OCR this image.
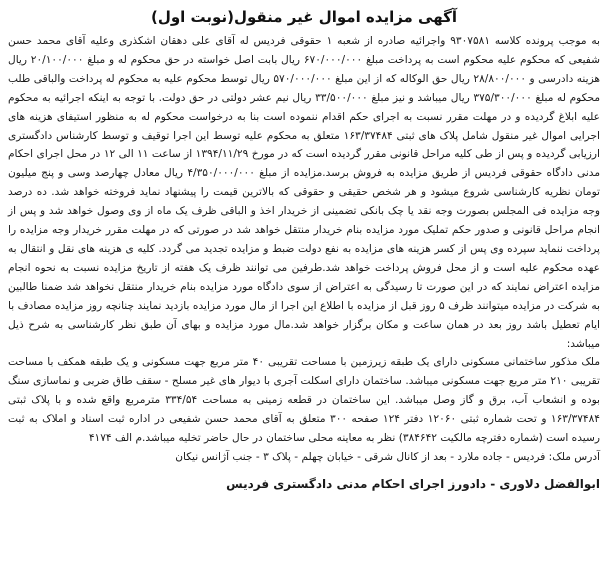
آگهی مزایده اموال غیر منقول(نوبت اول)

به موجب پرونده کلاسه ۹۳۰۷۵۸۱ واجرائیه صادره از شعبه ۱ حقوقی فردیس له آقای علی دهقان اشکذری وعلیه آقای محمد حسن شفیعی که محکوم علیه محکوم است به پرداخت مبلغ ۶۷۰/۰۰۰/۰۰۰ ریال بابت اصل خواسته در حق محکوم له و مبلغ ۲۰/۱۰۰/۰۰۰ ریال هزینه دادرسی و ۲۸/۸۰۰/۰۰۰ ریال حق الوکاله که از این مبلغ ۵۷۰/۰۰۰/۰۰۰ ریال توسط محکوم علیه به محکوم له پرداخت والباقی طلب محکوم له مبلغ ۳۷۵/۳۰۰/۰۰۰ ریال میباشد و نیز مبلغ ۳۳/۵۰۰/۰۰۰ ریال نیم عشر دولتی در حق دولت. با توجه به اینکه اجرائیه به محکوم علیه ابلاغ گردیده و در مهلت مقرر نسبت به اجرای حکم اقدام ننموده است بنا به درخواست محکوم له به منظور استیفای هزینه های اجرایی اموال غیر منقول شامل پلاک های ثبتی ۱۶۳/۳۷۴۸۴ متعلق به محکوم علیه توسط این اجرا توقیف و توسط کارشناس دادگستری ارزیابی گردیده و پس از طی کلیه مراحل قانونی مقرر گردیده است که در مورخ ۱۳۹۴/۱۱/۲۹ از ساعت ۱۱ الی ۱۲ در محل اجرای احکام مدنی دادگاه حقوقی فردیس از طریق مزایده به فروش برسد.مزایده از مبلغ ۴/۳۵۰/۰۰۰/۰۰۰ ریال معادل چهارصد وسی و پنج میلیون تومان نظریه کارشناسی شروع میشود و هر شخص حقیقی و حقوقی که بالاترین قیمت را پیشنهاد نماید فروخته خواهد شد. ده درصد وجه مزایده فی المجلس بصورت وجه نقد یا چک بانکی تضمینی از خریدار اخذ و الباقی ظرف یک ماه از وی وصول خواهد شد و پس از انجام مراحل قانونی و صدور حکم تملیک مورد مزایده بنام خریدار منتقل خواهد شد در صورتی که در مهلت مقرر خریدار وجه مزایده را پرداخت ننماید سپرده وی پس از کسر هزینه های مزایده به نفع دولت ضبط و مزایده تجدید می گردد. کلیه ی هزینه های نقل و انتقال به عهده محکوم علیه است و از محل فروش پرداخت خواهد شد.طرفین می توانند ظرف یک هفته از تاریخ مزایده نسبت به نحوه انجام مزایده اعتراض نمایند که در این صورت تا رسیدگی به اعتراض از سوی دادگاه مورد مزایده بنام خریدار منتقل نخواهد شد ضمنا طالبین به شرکت در مزایده میتوانند ظرف ۵ روز قبل از مزایده با اطلاع این اجرا از مال مورد مزایده بازدید نمایند چنانچه روز مزایده مصادف با ایام تعطیل باشد روز بعد در همان ساعت و مکان برگزار خواهد شد.مال مورد مزایده و بهای آن طبق نظر کارشناسی به شرح ذیل میباشد:

ملک مذکور ساختمانی مسکونی دارای یک طبقه زیرزمین با مساحت تقریبی ۴۰ متر مربع جهت مسکونی و یک طبقه همکف با مساحت تقریبی ۲۱۰ متر مربع جهت مسکونی میباشد. ساختمان دارای اسکلت آجری با دیوار های غیر مسلح - سقف طاق ضربی و نماسازی سنگ بوده و انشعاب آب، برق و گاز وصل میباشد. این ساختمان در قطعه زمینی به مساحت ۳۳۴/۵۴ مترمربع واقع شده و با پلاک ثبتی ۱۶۳/۳۷۴۸۴ و تحت شماره ثبتی ۱۲۰۶۰ دفتر ۱۲۴ صفحه ۳۰۰ متعلق به آقای محمد حسن شفیعی در اداره ثبت اسناد و املاک به ثبت رسیده است (شماره دفترچه مالکیت ۳۸۴۶۴۲) نظر به معاینه محلی ساختمان در حال حاضر تخلیه میباشد.م الف ۴۱۷۴

آدرس ملک: فردیس - جاده ملارد - بعد از کانال شرقی - خیابان چهلم - پلاک ۳ - جنب آژانس نیکان

ابوالفضل دلاوری - دادورز اجرای احکام مدنی دادگستری فردیس
